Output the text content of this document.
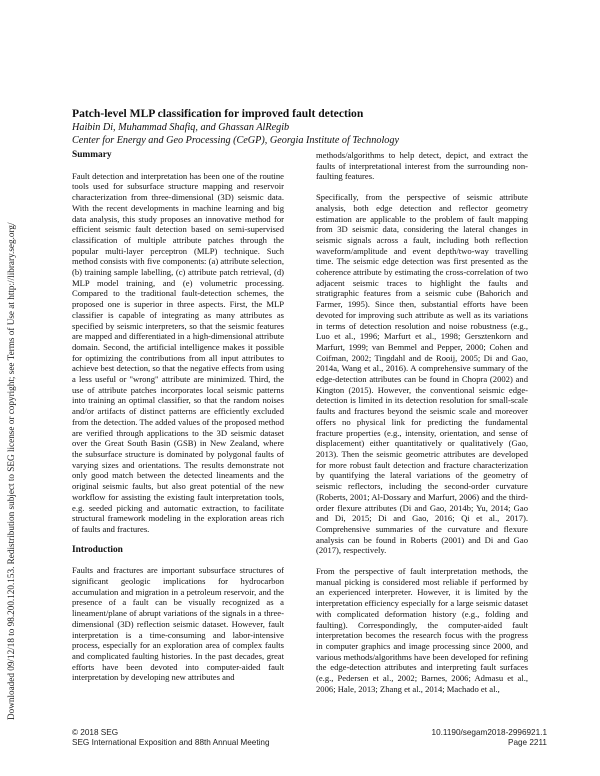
Downloaded 09/12/18 to 98.200.120.153. Redistribution subject to SEG license or copyright; see Terms of Use at http://library.seg.org/
Patch-level MLP classification for improved fault detection
Haibin Di, Muhammad Shafiq, and Ghassan AlRegib
Center for Energy and Geo Processing (CeGP), Georgia Institute of Technology
Summary

Fault detection and interpretation has been one of the routine tools used for subsurface structure mapping and reservoir characterization from three-dimensional (3D) seismic data. With the recent developments in machine learning and big data analysis, this study proposes an innovative method for efficient seismic fault detection based on semi-supervised classification of multiple attribute patches through the popular multi-layer perceptron (MLP) technique. Such method consists with five components: (a) attribute selection, (b) training sample labelling, (c) attribute patch retrieval, (d) MLP model training, and (e) volumetric processing. Compared to the traditional fault-detection schemes, the proposed one is superior in three aspects. First, the MLP classifier is capable of integrating as many attributes as specified by seismic interpreters, so that the seismic features are mapped and differentiated in a high-dimensional attribute domain. Second, the artificial intelligence makes it possible for optimizing the contributions from all input attributes to achieve best detection, so that the negative effects from using a less useful or "wrong" attribute are minimized. Third, the use of attribute patches incorporates local seismic patterns into training an optimal classifier, so that the random noises and/or artifacts of distinct patterns are efficiently excluded from the detection. The added values of the proposed method are verified through applications to the 3D seismic dataset over the Great South Basin (GSB) in New Zealand, where the subsurface structure is dominated by polygonal faults of varying sizes and orientations. The results demonstrate not only good match between the detected lineaments and the original seismic faults, but also great potential of the new workflow for assisting the existing fault interpretation tools, e.g. seeded picking and automatic extraction, to facilitate structural framework modeling in the exploration areas rich of faults and fractures.

Introduction

Faults and fractures are important subsurface structures of significant geologic implications for hydrocarbon accumulation and migration in a petroleum reservoir, and the presence of a fault can be visually recognized as a lineament/plane of abrupt variations of the signals in a three-dimensional (3D) reflection seismic dataset. However, fault interpretation is a time-consuming and labor-intensive process, especially for an exploration area of complex faults and complicated faulting histories. In the past decades, great efforts have been devoted into computer-aided fault interpretation by developing new attributes and

methods/algorithms to help detect, depict, and extract the faults of interpretational interest from the surrounding non-faulting features.

Specifically, from the perspective of seismic attribute analysis, both edge detection and reflector geometry estimation are applicable to the problem of fault mapping from 3D seismic data, considering the lateral changes in seismic signals across a fault, including both reflection waveform/amplitude and event depth/two-way travelling time. The seismic edge detection was first presented as the coherence attribute by estimating the cross-correlation of two adjacent seismic traces to highlight the faults and stratigraphic features from a seismic cube (Bahorich and Farmer, 1995). Since then, substantial efforts have been devoted for improving such attribute as well as its variations in terms of detection resolution and noise robustness (e.g., Luo et al., 1996; Marfurt et al., 1998; Gersztenkorn and Marfurt, 1999; van Bemmel and Pepper, 2000; Cohen and Coifman, 2002; Tingdahl and de Rooij, 2005; Di and Gao, 2014a, Wang et al., 2016). A comprehensive summary of the edge-detection attributes can be found in Chopra (2002) and Kington (2015). However, the conventional seismic edge-detection is limited in its detection resolution for small-scale faults and fractures beyond the seismic scale and moreover offers no physical link for predicting the fundamental fracture properties (e.g., intensity, orientation, and sense of displacement) either quantitatively or qualitatively (Gao, 2013). Then the seismic geometric attributes are developed for more robust fault detection and fracture characterization by quantifying the lateral variations of the geometry of seismic reflectors, including the second-order curvature (Roberts, 2001; Al-Dossary and Marfurt, 2006) and the third-order flexure attributes (Di and Gao, 2014b; Yu, 2014; Gao and Di, 2015; Di and Gao, 2016; Qi et al., 2017). Comprehensive summaries of the curvature and flexure analysis can be found in Roberts (2001) and Di and Gao (2017), respectively.

From the perspective of fault interpretation methods, the manual picking is considered most reliable if performed by an experienced interpreter. However, it is limited by the interpretation efficiency especially for a large seismic dataset with complicated deformation history (e.g., folding and faulting). Correspondingly, the computer-aided fault interpretation becomes the research focus with the progress in computer graphics and image processing since 2000, and various methods/algorithms have been developed for refining the edge-detection attributes and interpreting fault surfaces (e.g., Pedersen et al., 2002; Barnes, 2006; Admasu et al., 2006; Hale, 2013; Zhang et al., 2014; Machado et al.,

© 2018 SEG	10.1190/segam2018-2996921.1
SEG International Exposition and 88th Annual Meeting	Page 2211
